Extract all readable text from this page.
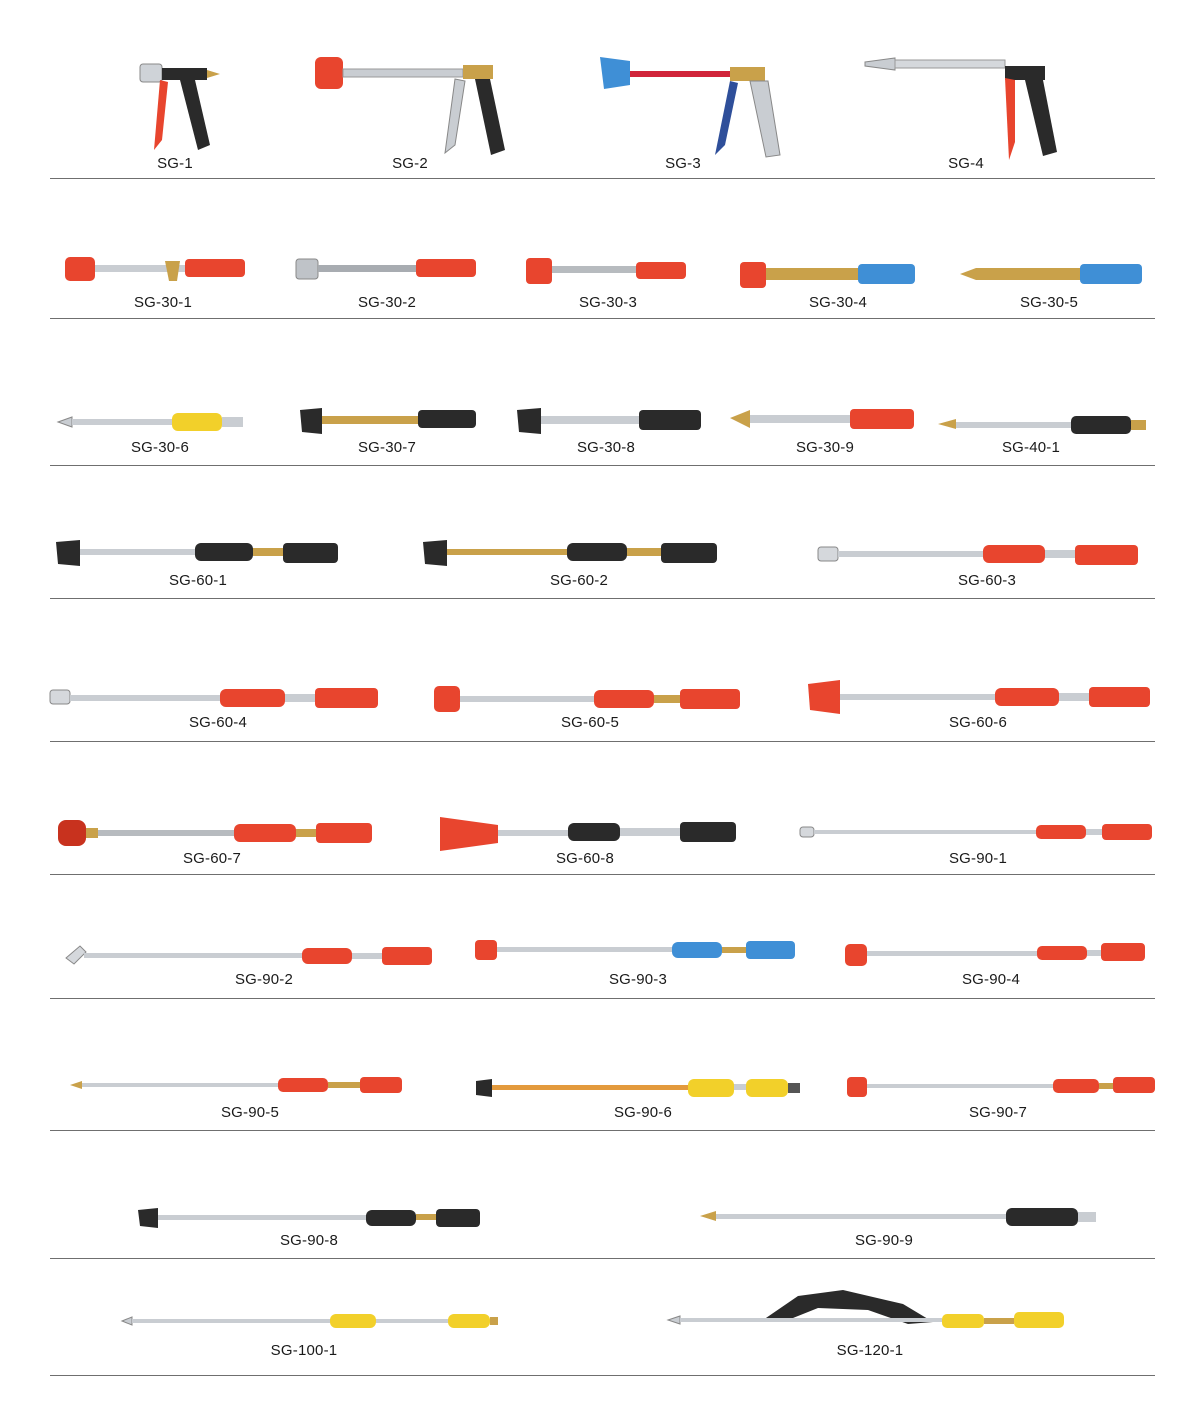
SG-1	SG-2	SG-3	SG-4
SG-30-1	SG-30-2	SG-30-3	SG-30-4	SG-30-5
SG-30-6	SG-30-7	SG-30-8	SG-30-9	SG-40-1
SG-60-1	SG-60-2	SG-60-3
SG-60-4	SG-60-5	SG-60-6
SG-60-7	SG-60-8	SG-90-1
SG-90-2	SG-90-3	SG-90-4
SG-90-5	SG-90-6	SG-90-7
SG-90-8	SG-90-9
SG-100-1	SG-120-1
